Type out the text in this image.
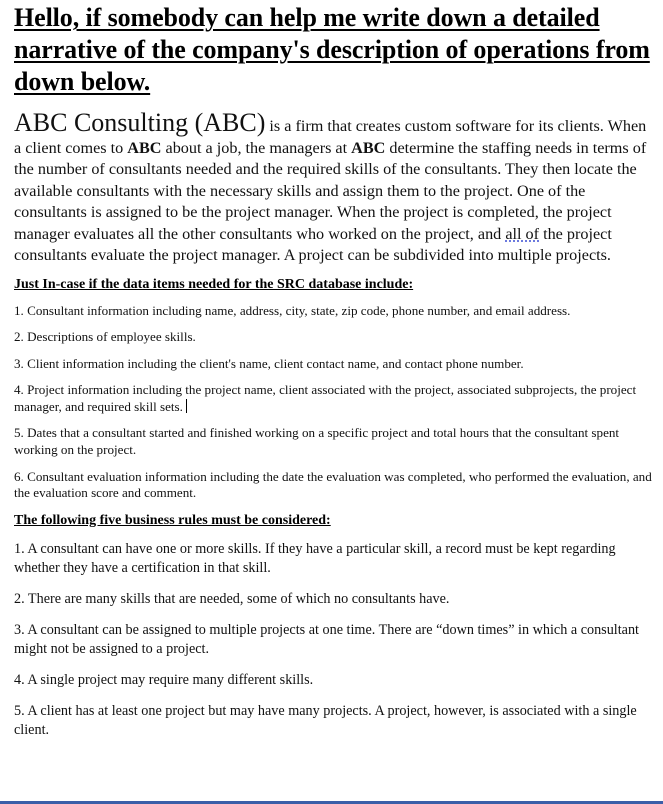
Hello, if somebody can help me write down a detailed narrative of the company's description of operations from down below.

ABC Consulting (ABC) is a firm that creates custom software for its clients. When a client comes to ABC about a job, the managers at ABC determine the staffing needs in terms of the number of consultants needed and the required skills of the consultants. They then locate the available consultants with the necessary skills and assign them to the project. One of the consultants is assigned to be the project manager. When the project is completed, the project manager evaluates all the other consultants who worked on the project, and all of the project consultants evaluate the project manager. A project can be subdivided into multiple projects.

Just In-case if the data items needed for the SRC database include:
1. Consultant information including name, address, city, state, zip code, phone number, and email address.
2. Descriptions of employee skills.
3. Client information including the client's name, client contact name, and contact phone number.
4. Project information including the project name, client associated with the project, associated subprojects, the project manager, and required skill sets.
5. Dates that a consultant started and finished working on a specific project and total hours that the consultant spent working on the project.
6. Consultant evaluation information including the date the evaluation was completed, who performed the evaluation, and the evaluation score and comment.
The following five business rules must be considered:
1. A consultant can have one or more skills. If they have a particular skill, a record must be kept regarding whether they have a certification in that skill.
2. There are many skills that are needed, some of which no consultants have.
3. A consultant can be assigned to multiple projects at one time. There are “down times” in which a consultant might not be assigned to a project.
4. A single project may require many different skills.
5. A client has at least one project but may have many projects. A project, however, is associated with a single client.
